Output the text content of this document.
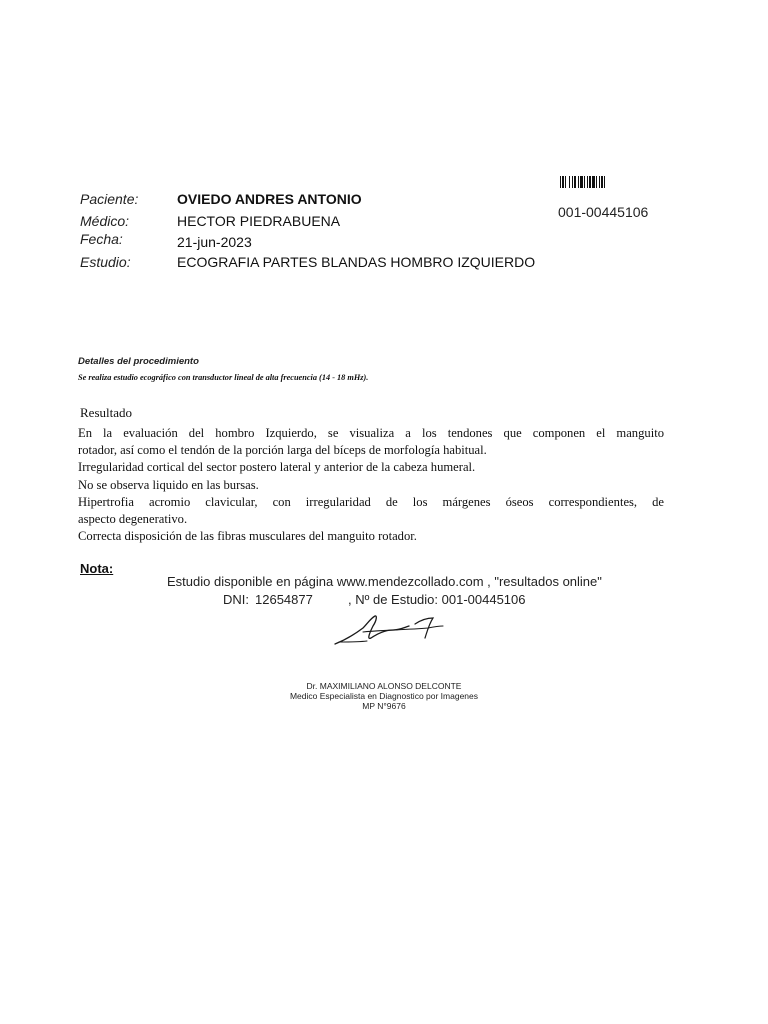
Paciente:	OVIEDO ANDRES ANTONIO
Médico:	HECTOR PIEDRABUENA
Fecha:	21-jun-2023
Estudio:	ECOGRAFIA PARTES BLANDAS HOMBRO IZQUIERDO
001-00445106
Detalles del procedimiento
Se realiza estudio ecográfico con transductor lineal de alta frecuencia (14 - 18 mHz).
Resultado
En la evaluación del hombro Izquierdo, se visualiza a los tendones que componen el manguito
rotador, así como el tendón de la porción larga del bíceps de morfología habitual.
Irregularidad cortical del sector postero lateral y anterior de la cabeza humeral.
No se observa liquido en las bursas.
Hipertrofia acromio clavicular, con irregularidad de los márgenes óseos correspondientes, de
aspecto degenerativo.
Correcta disposición de las fibras musculares del manguito rotador.
Nota:
Estudio disponible en página www.mendezcollado.com , "resultados online"
DNI: 12654877	, Nº de Estudio: 001-00445106
Dr. MAXIMILIANO ALONSO DELCONTE
Medico Especialista en Diagnostico por Imagenes
MP N°9676
